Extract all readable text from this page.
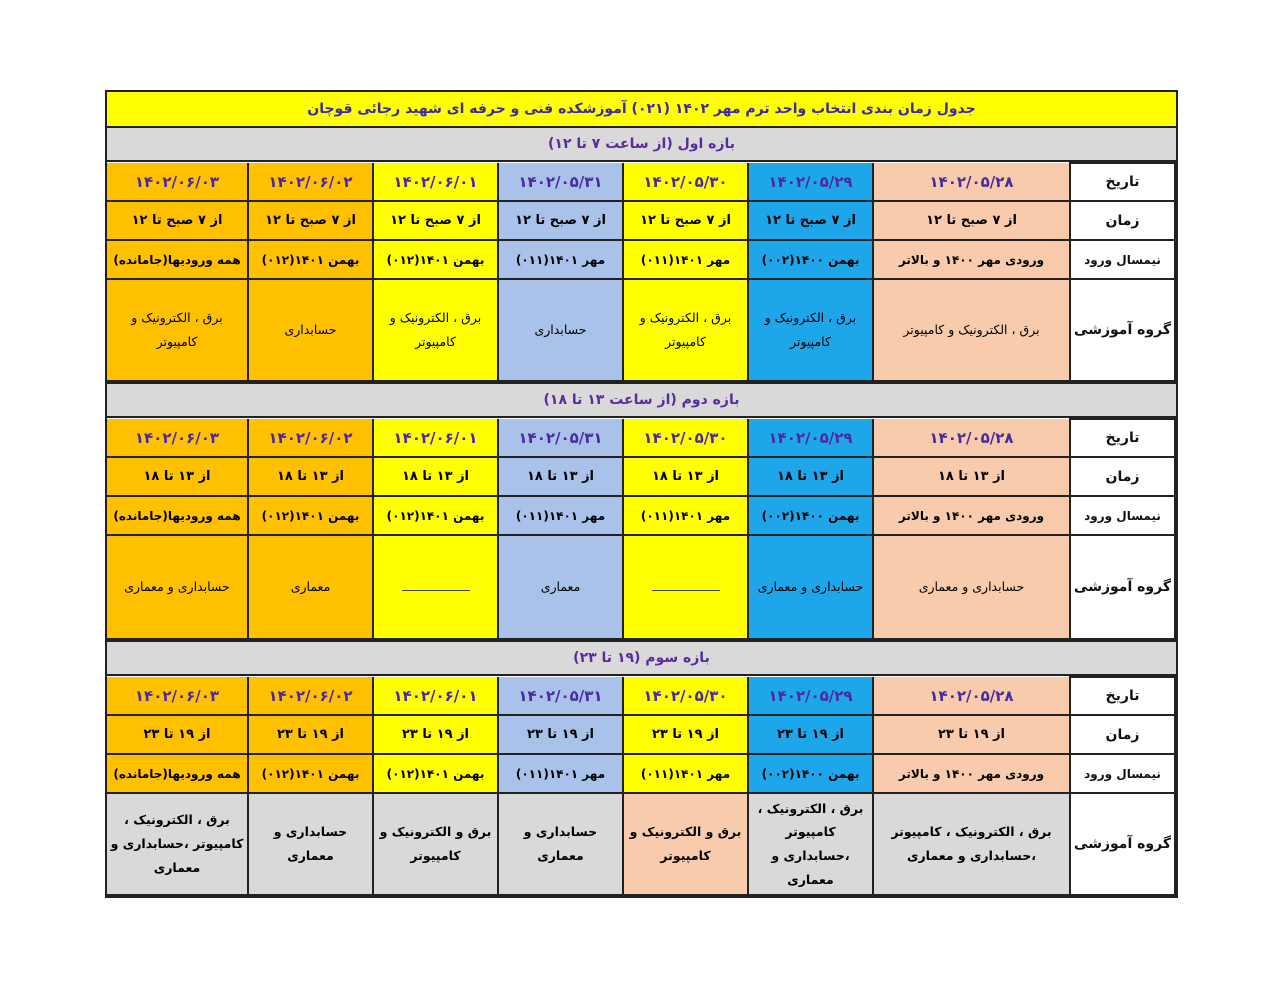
جدول زمان بندی انتخاب واحد ترم مهر ۱۴۰۲ (۰۲۱) آموزشکده فنی و حرفه ای شهید رجائی قوچان
بازه اول (از ساعت ۷ تا ۱۲)
تاریخ	۱۴۰۲/۰۵/۲۸	۱۴۰۲/۰۵/۲۹	۱۴۰۲/۰۵/۳۰	۱۴۰۲/۰۵/۳۱	۱۴۰۲/۰۶/۰۱	۱۴۰۲/۰۶/۰۲	۱۴۰۲/۰۶/۰۳
زمان	از ۷ صبح تا ۱۲	از ۷ صبح تا ۱۲	از ۷ صبح تا ۱۲	از ۷ صبح تا ۱۲	از ۷ صبح تا ۱۲	از ۷ صبح تا ۱۲	از ۷ صبح تا ۱۲
نیمسال ورود	ورودی مهر ۱۴۰۰ و بالاتر	بهمن ۱۴۰۰(۰۰۲)	مهر ۱۴۰۱(۰۱۱)	مهر ۱۴۰۱(۰۱۱)	بهمن ۱۴۰۱(۰۱۲)	بهمن ۱۴۰۱(۰۱۲)	همه ورودیها(جامانده)
گروه آموزشی	برق ، الکترونیک و کامپیوتر	برق ، الکترونیک و کامپیوتر	برق ، الکترونیک و کامپیوتر	حسابداری	برق ، الکترونیک و کامپیوتر	حسابداری	برق ، الکترونیک و کامپیوتر
بازه دوم (از ساعت ۱۳ تا ۱۸)
تاریخ	۱۴۰۲/۰۵/۲۸	۱۴۰۲/۰۵/۲۹	۱۴۰۲/۰۵/۳۰	۱۴۰۲/۰۵/۳۱	۱۴۰۲/۰۶/۰۱	۱۴۰۲/۰۶/۰۲	۱۴۰۲/۰۶/۰۳
زمان	از ۱۳ تا ۱۸	از ۱۳ تا ۱۸	از ۱۳ تا ۱۸	از ۱۳ تا ۱۸	از ۱۳ تا ۱۸	از ۱۳ تا ۱۸	از ۱۳ تا ۱۸
نیمسال ورود	ورودی مهر ۱۴۰۰ و بالاتر	بهمن ۱۴۰۰(۰۰۲)	مهر ۱۴۰۱(۰۱۱)	مهر ۱۴۰۱(۰۱۱)	بهمن ۱۴۰۱(۰۱۲)	بهمن ۱۴۰۱(۰۱۲)	همه ورودیها(جامانده)
گروه آموزشی	حسابداری و معماری	حسابداری و معماری		معماری		معماری	حسابداری و معماری
بازه سوم (۱۹ تا ۲۳)
تاریخ	۱۴۰۲/۰۵/۲۸	۱۴۰۲/۰۵/۲۹	۱۴۰۲/۰۵/۳۰	۱۴۰۲/۰۵/۳۱	۱۴۰۲/۰۶/۰۱	۱۴۰۲/۰۶/۰۲	۱۴۰۲/۰۶/۰۳
زمان	از ۱۹ تا ۲۳	از ۱۹ تا ۲۳	از ۱۹ تا ۲۳	از ۱۹ تا ۲۳	از ۱۹ تا ۲۳	از ۱۹ تا ۲۳	از ۱۹ تا ۲۳
نیمسال ورود	ورودی مهر ۱۴۰۰ و بالاتر	بهمن ۱۴۰۰(۰۰۲)	مهر ۱۴۰۱(۰۱۱)	مهر ۱۴۰۱(۰۱۱)	بهمن ۱۴۰۱(۰۱۲)	بهمن ۱۴۰۱(۰۱۲)	همه ورودیها(جامانده)
گروه آموزشی	برق ، الکترونیک ، کامپیوتر ،حسابداری و معماری	برق ، الکترونیک ، کامپیوتر ،حسابداری و معماری	برق و الکترونیک و کامپیوتر	حسابداری و معماری	برق و الکترونیک و کامپیوتر	حسابداری و معماری	برق ، الکترونیک ، کامپیوتر ،حسابداری و معماری
